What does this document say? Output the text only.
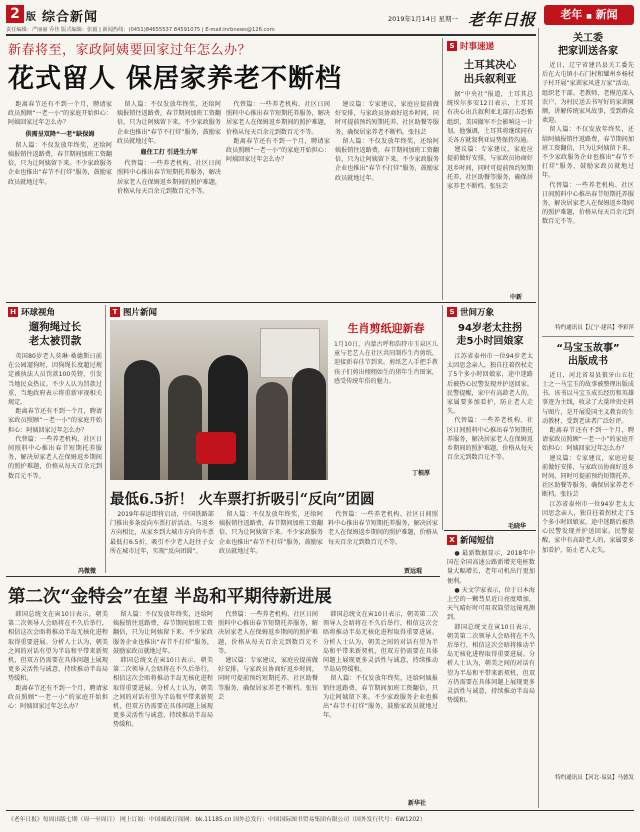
2 版 综合新闻	2019年1月14日 星期一 老年日报	老年 ■ 新闻
责任编辑：严丽丽 乔佳 版式编辑：张毅 | 新闻热线：(0451)84655537 84591075 | E-mail:lnrbnews@126.com
新春将至，家政阿姨要回家过年怎么办？
花式留人 保居家养老不断档

距离春节还有不到一个月，聘请家政员照顾“一老一小”的家庭开始担心：阿姨回家过年怎么办？

供需呈双降“一老”缺保姆

留人篇：不仅发放年终奖，还给阿姨报销往返路费，春节期间加班工资翻倍，只为让阿姨留下来。不少家政服务企业也推出“春节不打烊”服务，鼓励家政员就地过年。

留人篇：不仅发放年终奖，还给阿姨报销往返路费，春节期间加班工资翻倍，只为让阿姨留下来。不少家政服务企业也推出“春节不打烊”服务，鼓励家政员就地过年。

雇住工打 引进生力军

代替篇：一些养老机构、社区日间照料中心推出春节短期托养服务，解决居家老人在保姆返乡期间的照护难题，价格从每天百余元到数百元不等。

代替篇：一些养老机构、社区日间照料中心推出春节短期托养服务，解决居家老人在保姆返乡期间的照护难题，价格从每天百余元到数百元不等。

距离春节还有不到一个月，聘请家政员照顾“一老一小”的家庭开始担心：阿姨回家过年怎么办？

建议篇：专家建议，家庭应提前做好安排，与家政员协商好返乡时间，同时可提前预约短期托养、社区助餐等服务，确保居家养老不断档。张钰芸

留人篇：不仅发放年终奖，还给阿姨报销往返路费，春节期间加班工资翻倍，只为让阿姨留下来。不少家政服务企业也推出“春节不打烊”服务，鼓励家政员就地过年。

S 时事速递
土耳其决心
出兵叙利亚

据“中央社”报道，土耳其总统埃尔多安12日表示，土耳其有决心出兵叙利亚北部打击恐怖组织，美国撤军不会影响这一计划。他强调，土耳其将继续同有关各方就叙利亚局势保持沟通。

建议篇：专家建议，家庭应提前做好安排，与家政员协商好返乡时间，同时可提前预约短期托养、社区助餐等服务，确保居家养老不断档。张钰芸

中新
关工委
把家训送各家

近日，辽宁省建昌县关工委先后在大屯镇小石门村和耀州乡杨杖子村开展“家训家风进万家”活动，组织老干部、老教师、老模范深入农户，为村民送去书写好的家训匾额，讲解传统家风故事，受到群众欢迎。

留人篇：不仅发放年终奖，还给阿姨报销往返路费，春节期间加班工资翻倍，只为让阿姨留下来。不少家政服务企业也推出“春节不打烊”服务，鼓励家政员就地过年。

代替篇：一些养老机构、社区日间照料中心推出春节短期托养服务，解决居家老人在保姆返乡期间的照护难题，价格从每天百余元到数百元不等。

特约通讯员【辽宁·建昌】李彩萍
“马宝玉故事”
出版成书

近日，河北省易县狼牙山五壮士之一马宝玉的故事被整理出版成书。该书以马宝玉成长经历和英雄事迹为主线，收录了大量珍贵史料与图片，是开展爱国主义教育的生动教材，受到老读者广泛好评。

距离春节还有不到一个月，聘请家政员照顾“一老一小”的家庭开始担心：阿姨回家过年怎么办？

建议篇：专家建议，家庭应提前做好安排，与家政员协商好返乡时间，同时可提前预约短期托养、社区助餐等服务，确保居家养老不断档。张钰芸

江苏省泰州市一位94岁老太太因思念亲人，独自拄着拐杖走了5个多小时回娘家，途中迷路后被热心民警发现并护送回家。民警提醒，家中有高龄老人的，家属要多加看护，防止老人走失。

特约通讯员【河北·易县】马德发
H 环球视角
遛狗绳过长
老太被罚款

英国80岁老人莫琳·桑德斯日前在公园遛狗时，因狗绳长度超过规定被执法人员罚款100英镑，引发当地民众热议。不少人认为罚款过重，当地政府表示将重新审视相关规定。

距离春节还有不到一个月，聘请家政员照顾“一老一小”的家庭开始担心：阿姨回家过年怎么办？

代替篇：一些养老机构、社区日间照料中心推出春节短期托养服务，解决居家老人在保姆返乡期间的照护难题，价格从每天百余元到数百元不等。

冯微微
T 图片新闻
生肖剪纸迎新春
1月10日，内蒙古呼和浩特市玉泉区儿童与老艺人在社区共同制作生肖剪纸，迎接新春佳节到来。剪纸艺人手把手教孩子们剪出栩栩如生的猪年生肖图案，感受传统年俗的魅力。
丁根厚
S 世间万象
94岁老太拄拐
走5小时回娘家

江苏省泰州市一位94岁老太太因思念亲人，独自拄着拐杖走了5个多小时回娘家，途中迷路后被热心民警发现并护送回家。民警提醒，家中有高龄老人的，家属要多加看护，防止老人走失。

代替篇：一些养老机构、社区日间照料中心推出春节短期托养服务，解决居家老人在保姆返乡期间的照护难题，价格从每天百余元到数百元不等。

毛晓华
最低6.5折！ 火车票打折吸引“反向”团圆

2019年春运即将启动，中国铁路部门推出多条反向车票打折活动。与返乡方向相比，从家乡到大城市方向的车票最低打6.5折，吸引不少老人赶往子女所在城市过年，实现“反向团圆”。

留人篇：不仅发放年终奖，还给阿姨报销往返路费，春节期间加班工资翻倍，只为让阿姨留下来。不少家政服务企业也推出“春节不打烊”服务，鼓励家政员就地过年。

代替篇：一些养老机构、社区日间照料中心推出春节短期托养服务，解决居家老人在保姆返乡期间的照护难题，价格从每天百余元到数百元不等。

贾远琨
X 新闻短信

● 最新数据显示，2018年中国在全国高速公路新增充电桩数量大幅增长，老年司机出行更加便利。

● 天文学家表示，位于日本海上空的一颗彗星近日亮度增加，天气晴好时可用双筒望远镜观测到。

韩国总统文在寅10日表示，朝美第二次领导人会晤将在不久后举行，相信这次会晤将推动半岛无核化进程取得重要进展。分析人士认为，朝美之间的对话有望为半岛和平带来新契机，但双方仍需要在具体问题上展现更多灵活性与诚意，持续推动半岛局势缓和。

第二次“金特会”在望 半岛和平期待新进展

韩国总统文在寅10日表示，朝美第二次领导人会晤将在不久后举行，相信这次会晤将推动半岛无核化进程取得重要进展。分析人士认为，朝美之间的对话有望为半岛和平带来新契机，但双方仍需要在具体问题上展现更多灵活性与诚意，持续推动半岛局势缓和。

距离春节还有不到一个月，聘请家政员照顾“一老一小”的家庭开始担心：阿姨回家过年怎么办？

留人篇：不仅发放年终奖，还给阿姨报销往返路费，春节期间加班工资翻倍，只为让阿姨留下来。不少家政服务企业也推出“春节不打烊”服务，鼓励家政员就地过年。

韩国总统文在寅10日表示，朝美第二次领导人会晤将在不久后举行，相信这次会晤将推动半岛无核化进程取得重要进展。分析人士认为，朝美之间的对话有望为半岛和平带来新契机，但双方仍需要在具体问题上展现更多灵活性与诚意，持续推动半岛局势缓和。

代替篇：一些养老机构、社区日间照料中心推出春节短期托养服务，解决居家老人在保姆返乡期间的照护难题，价格从每天百余元到数百元不等。

建议篇：专家建议，家庭应提前做好安排，与家政员协商好返乡时间，同时可提前预约短期托养、社区助餐等服务，确保居家养老不断档。张钰芸

韩国总统文在寅10日表示，朝美第二次领导人会晤将在不久后举行，相信这次会晤将推动半岛无核化进程取得重要进展。分析人士认为，朝美之间的对话有望为半岛和平带来新契机，但双方仍需要在具体问题上展现更多灵活性与诚意，持续推动半岛局势缓和。

留人篇：不仅发放年终奖，还给阿姨报销往返路费，春节期间加班工资翻倍，只为让阿姨留下来。不少家政服务企业也推出“春节不打烊”服务，鼓励家政员就地过年。

新华社
《老年日报》每周出版七期（周一至周日） 网上订阅：中国邮政订阅网：bk.11185.cn 国外总发行：中国国际图书贸易集团有限公司（国外发行代号：6W1202）
